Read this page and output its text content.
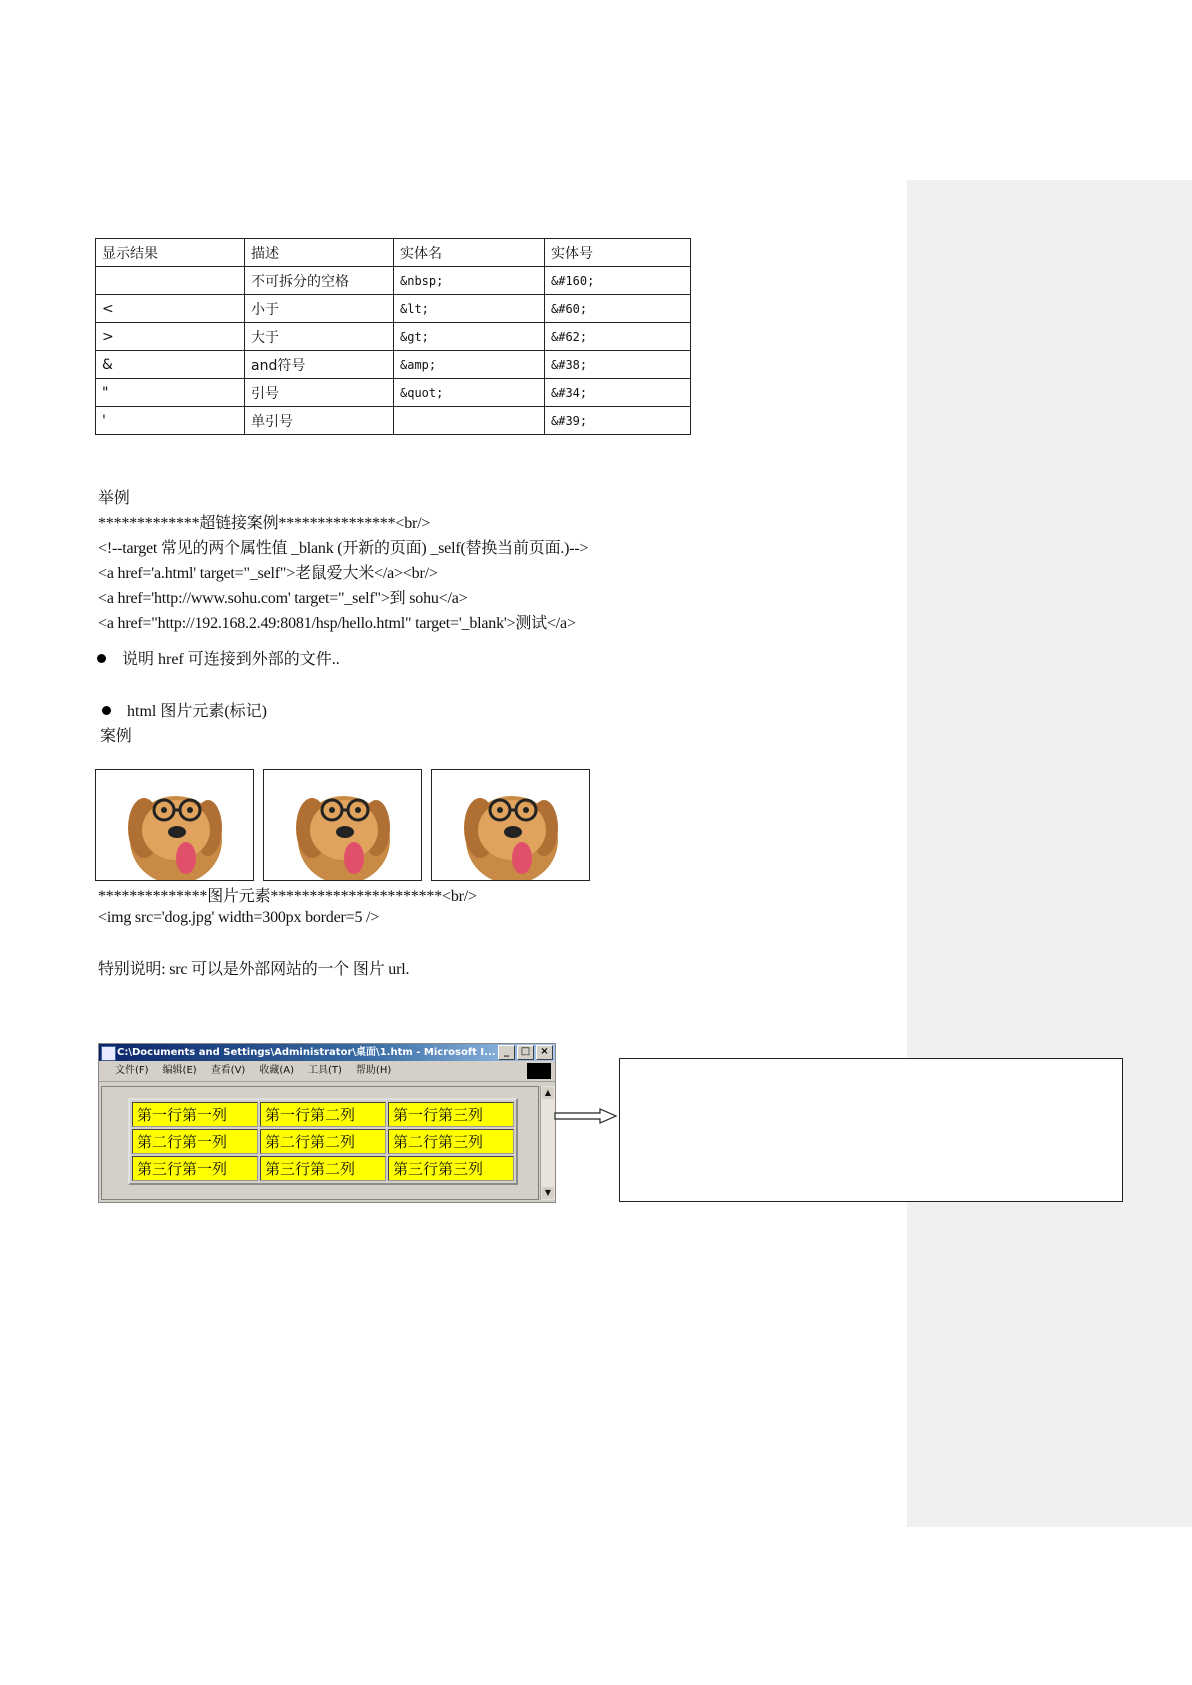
显示结果	描述	实体名	实体号
	不可拆分的空格	&nbsp;	&#160;
<	小于	&lt;	&#60;
>	大于	&gt;	&#62;
&	and符号	&amp;	&#38;
"	引号	&quot;	&#34;
'	单引号		&#39;
举例
*************超链接案例***************<br/>
<!--target 常见的两个属性值 _blank (开新的页面) _self(替换当前页面.)-->
<a href='a.html' target="_self">老鼠爱大米</a><br/>
<a href='http://www.sohu.com' target="_self">到 sohu</a>
<a href="http://192.168.2.49:8081/hsp/hello.html" target='_blank'>测试</a>
说明 href 可连接到外部的文件..
html 图片元素(标记)
案例
**************图片元素**********************<br/>
<img src='dog.jpg' width=300px border=5 />
特别说明: src 可以是外部网站的一个 图片 url.
C:\Documents and Settings\Administrator\桌面\1.htm - Microsoft I... _	□	×
文件(F) 编辑(E) 查看(V) 收藏(A) 工具(T) 帮助(H)
第一行第一列	第一行第二列	第一行第三列
第二行第一列	第二行第二列	第二行第三列
第三行第一列	第三行第二列	第三行第三列
▲
▼
